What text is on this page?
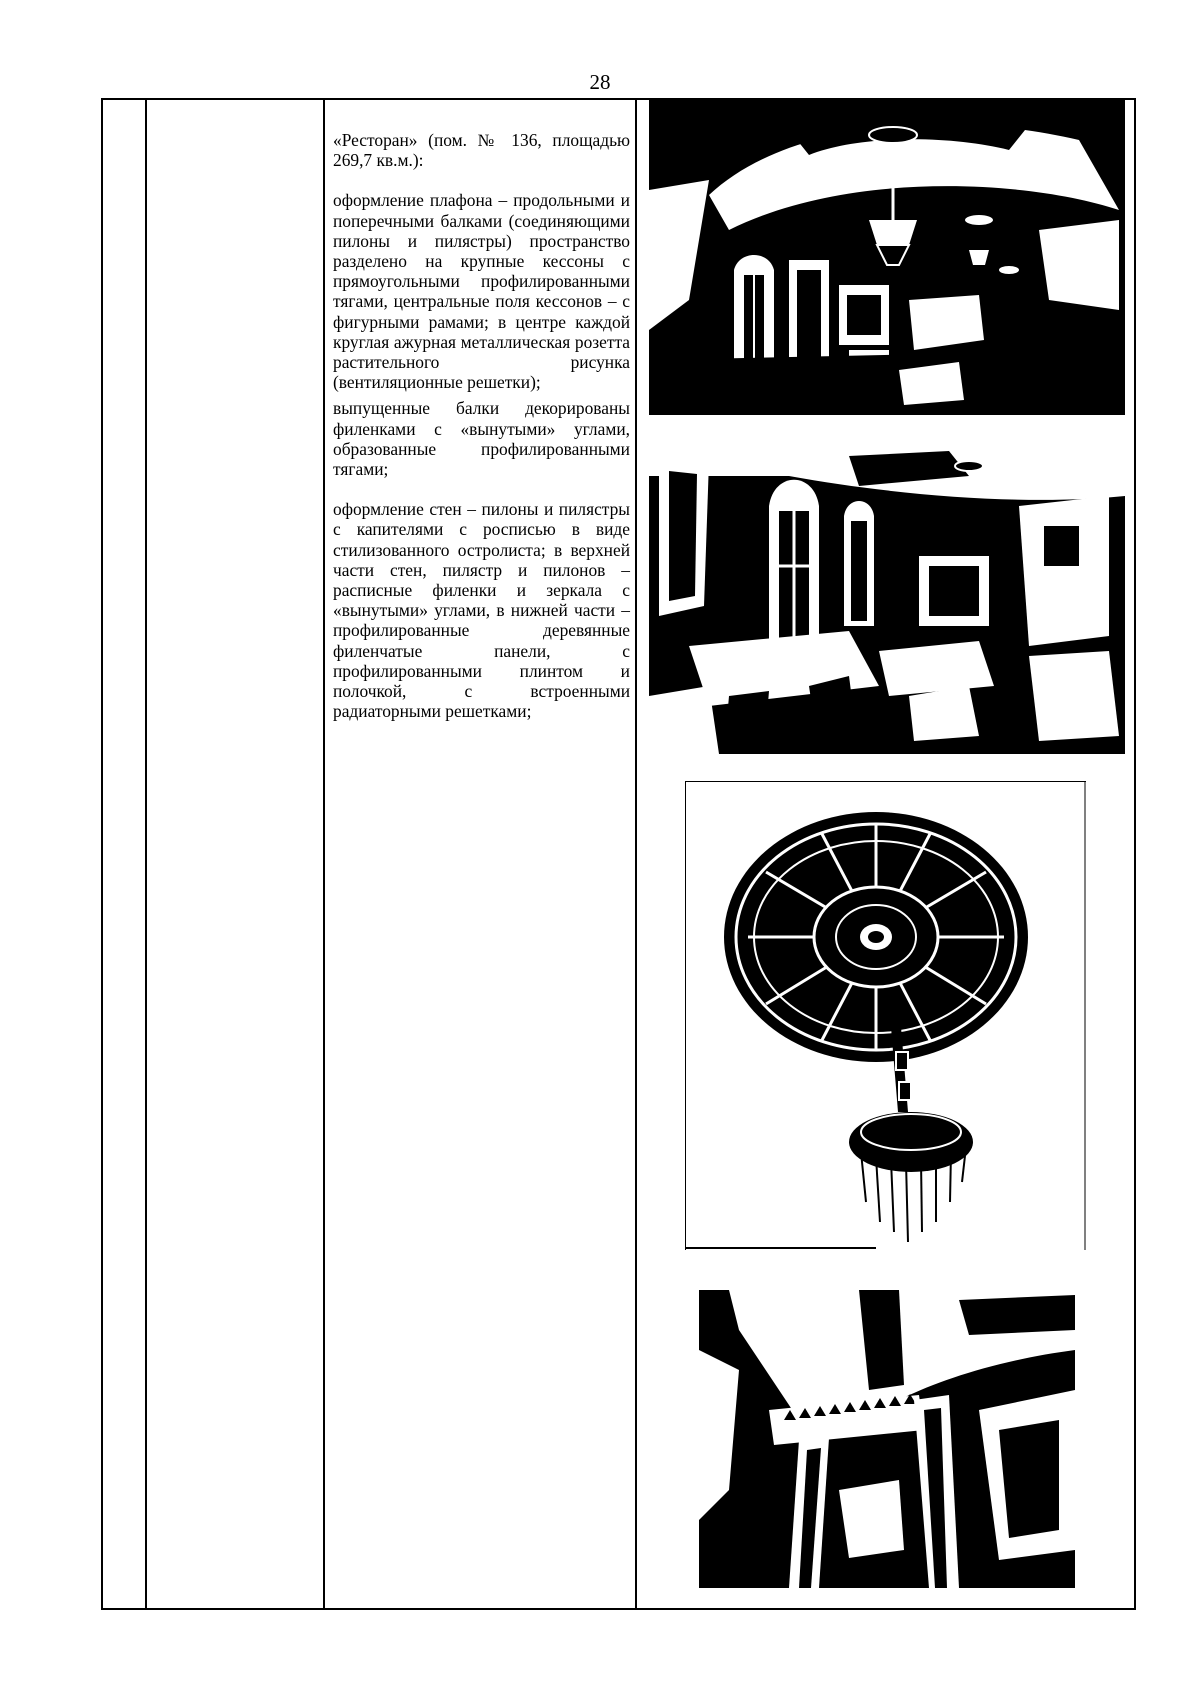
28

«Ресторан» (пом. № 136, площадью 269,7 кв.м.):

оформление плафона – продольными и поперечными балками (соединяющими пилоны и пилястры) пространство разделено на крупные кессоны с прямоугольными профилированными тягами, центральные поля кессонов – с фигурными рамами; в центре каждой круглая ажурная металлическая розетта растительного рисунка (вентиляционные решетки);

выпущенные балки декорированы филенками с «вынутыми» углами, образованные профилированными тягами;

оформление стен – пилоны и пилястры с капителями с росписью в виде стилизованного остролиста; в верхней части стен, пилястр и пилонов – расписные филенки и зеркала с «вынутыми» углами, в нижней части – профилированные деревянные филенчатые панели, с профилированными плинтом и полочкой, с встроенными радиаторными решетками;
